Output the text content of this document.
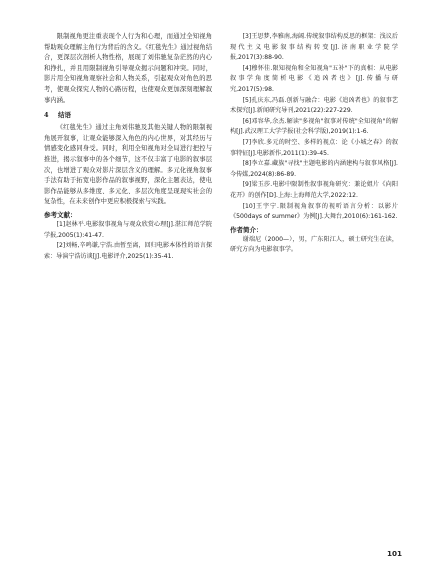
限制视角更注重表现个人行为和心理，而通过全知视角帮助观众理解主角行为背后的含义。《红毯先生》通过视角结合，更深层次剖析人物性格，展现了刘伟驰复杂茫然的内心和挣扎，并且用限制视角引导观众揭示问题和冲突。同时，影片用全知视角观察社会和人物关系，引起观众对角色的思考，使观众探究人物的心路历程，也使观众更加深刻理解叙事内涵。

4 结语

《红毯先生》通过主角刘伟驰及其他关键人物的限制视角展开叙事，让观众能够深入角色的内心世界，对其经历与情感变化感同身受。同时，利用全知视角对全局进行把控与推进，揭示叙事中的各个细节，这不仅丰富了电影的叙事层次，也增进了观众对影片深层含义的理解。多元化视角叙事手法有助于拓宽电影作品的叙事视野，深化主题表达，使电影作品能够从多维度、多元化、多层次角度呈现现实社会的复杂性，在未来创作中更应积极探索与实践。

参考文献：

[1]赵林平.电影叙事视角与观众欣赏心理[J].湛江师范学院学报,2005(1):41-47.

[2]刘畅,辛鸣谦,宁浩.由暂至离，回归电影本体性的语言探索：导演宁浩访谈[J].电影评介,2025(1):35-41.

[3]王思梦,李雅南,海阔.传统叙事结构反思的框架：浅议后现代主义电影叙事结构转变[J].济南职业学院学报,2017(3):88-90.

[4]穆怀佳.限知视角和全知视角"五补"下的真相：从电影叙事学角度简析电影《追凶者也》[J].传播与研究,2017(5):98.

[5]孔庆东,冯磊.创新与融合：电影《追凶者也》的叙事艺术探究[J].新闻研究导刊,2021(22):227-229.

[6]邓容华,余杰.解读"多视角"叙事对传统"全知视角"的解构[J].武汉理工大学学报(社会科学版),2019(1):1-6.

[7]李欣.多元的时空、多样的视点：论《小城之春》的叙事特征[J].电影新作,2011(1):39-45.

[8]李立嘉.藏族"寻找"主题电影的内涵建构与叙事风格[J].今传媒,2024(8):86-89.

[9]梁玉莎.电影中限制性叙事视角研究：兼论姐片《向阳花开》的创作[D].上海:上海师范大学,2022:12.

[10]王宇宁.限制视角叙事的视听语言分析：以影片《500days of summer》为例[J].大舞台,2010(6):161-162.

作者简介：

谢端尼（2000—），男，广东阳江人，硕士研究生在读，研究方向为电影叙事学。

101
